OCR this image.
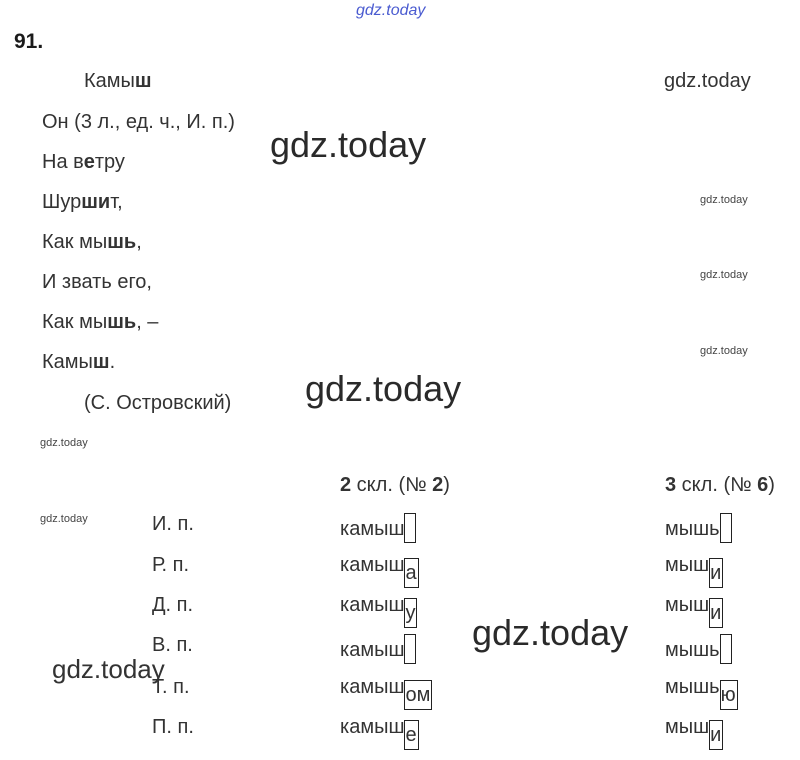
gdz.today
gdz.today
gdz.today
gdz.today
gdz.today
gdz.today
gdz.today
gdz.today
gdz.today
gdz.today
gdz.today
91.
Камыш
Он (3 л., ед. ч., И. п.)
На ветру
Шуршит,
Как мышь,
И звать его,
Как мышь, –
Камыш.
(С. Островский)
2 скл. (№ 2)	3 скл. (№ 6)
И. п.	камыш	мышь
Р. п.	камыша	мыши
Д. п.	камышу	мыши
В. п.	камыш	мышь
Т. п.	камышом	мышью
П. п.	камыше	мыши
